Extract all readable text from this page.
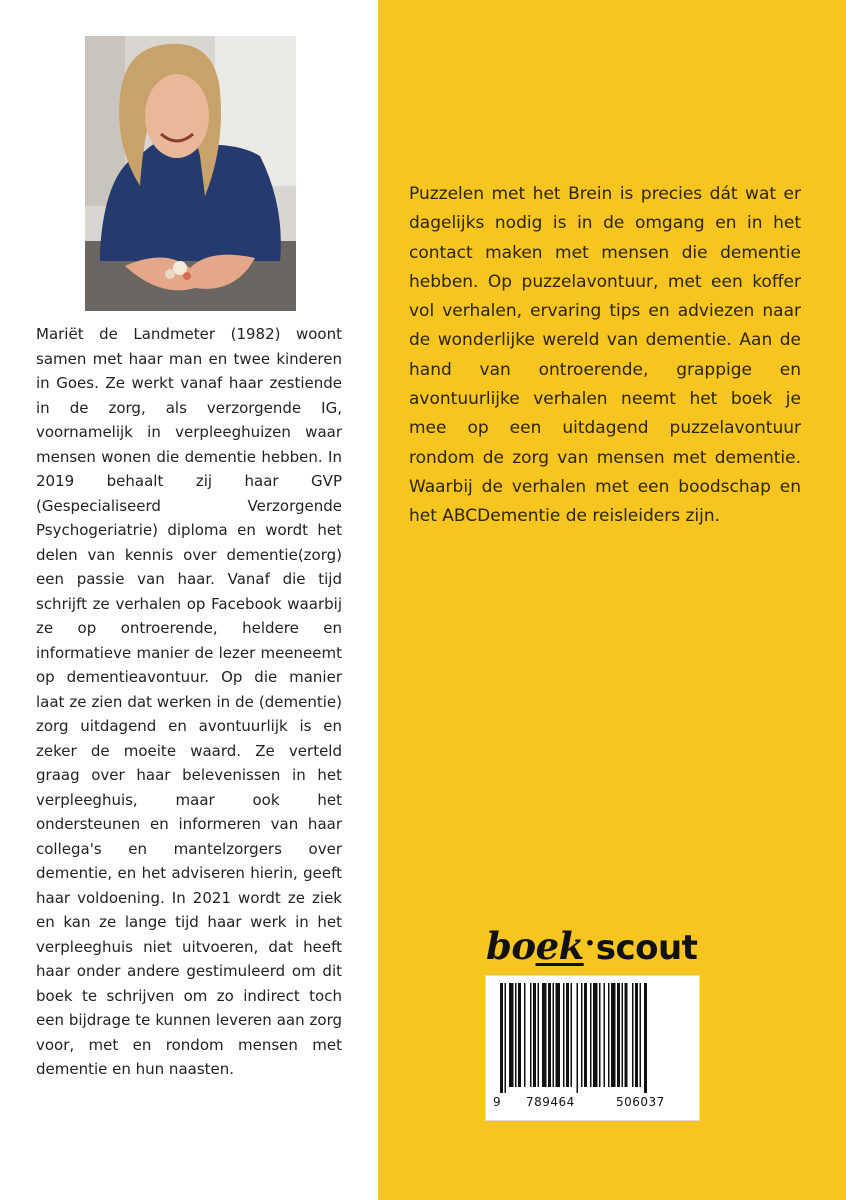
Mariët de Landmeter (1982) woont samen met haar man en twee kinderen in Goes. Ze werkt vanaf haar zestiende in de zorg, als verzorgende IG, voornamelijk in verpleeghuizen waar mensen wonen die dementie hebben. In 2019 behaalt zij haar GVP (Gespecialiseerd Verzorgende Psychogeriatrie) diploma en wordt het delen van kennis over dementie(zorg) een passie van haar. Vanaf die tijd schrijft ze verhalen op Facebook waarbij ze op ontroerende, heldere en informatieve manier de lezer meeneemt op dementieavontuur. Op die manier laat ze zien dat werken in de (dementie) zorg uitdagend en avontuurlijk is en zeker de moeite waard. Ze verteld graag over haar belevenissen in het verpleeghuis, maar ook het ondersteunen en informeren van haar collega's en mantelzorgers over dementie, en het adviseren hierin, geeft haar voldoening. In 2021 wordt ze ziek en kan ze lange tijd haar werk in het verpleeghuis niet uitvoeren, dat heeft haar onder andere gestimuleerd om dit boek te schrijven om zo indirect toch een bijdrage te kunnen leveren aan zorg voor, met en rondom mensen met dementie en hun naasten.

Puzzelen met het Brein is precies dát wat er dagelijks nodig is in de omgang en in het contact maken met mensen die dementie hebben. Op puzzelavontuur, met een koffer vol verhalen, ervaring tips en adviezen naar de wonderlijke wereld van dementie. Aan de hand van ontroerende, grappige en avontuurlijke verhalen neemt het boek je mee op een uitdagend puzzelavontuur rondom de zorg van mensen met dementie. Waarbij de verhalen met een boodschap en het ABCDementie de reisleiders zijn.

boek·scout
9 789464	506037
